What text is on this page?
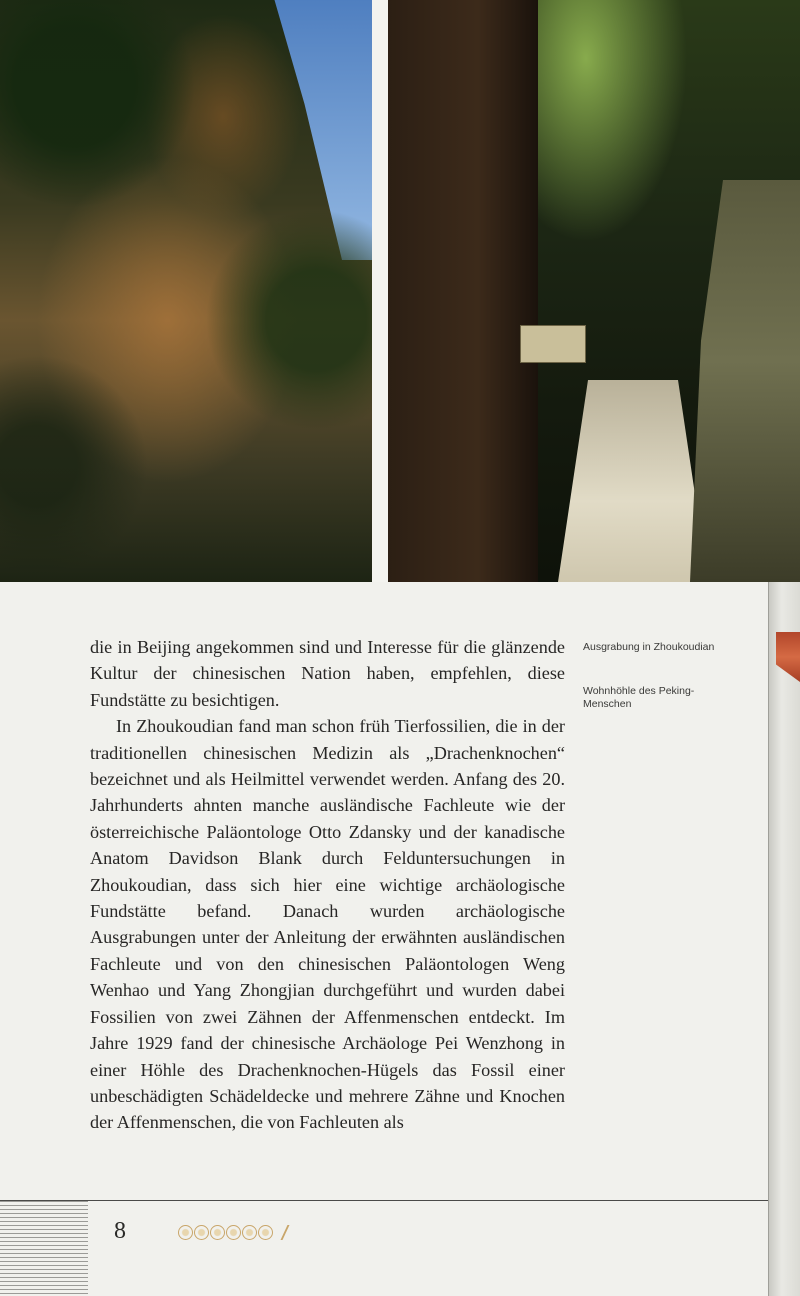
die in Beijing angekommen sind und Interesse für die glänzende Kultur der chinesischen Nation haben, empfehlen, diese Fundstätte zu besichtigen.

In Zhoukoudian fand man schon früh Tierfossilien, die in der traditionellen chinesischen Medizin als „Drachenknochen“ bezeichnet und als Heilmittel verwendet werden. Anfang des 20. Jahrhunderts ahnten manche ausländische Fachleute wie der österreichische Paläontologe Otto Zdansky und der kanadische Anatom Davidson Blank durch Felduntersuchungen in Zhoukoudian, dass sich hier eine wichtige archäologische Fundstätte befand. Danach wurden archäologische Ausgrabungen unter der Anleitung der erwähnten ausländischen Fachleute und von den chinesischen Paläontologen Weng Wenhao und Yang Zhongjian durchgeführt und wurden dabei Fossilien von zwei Zähnen der Affenmenschen entdeckt. Im Jahre 1929 fand der chinesische Archäologe Pei Wenzhong in einer Höhle des Drachenknochen-Hügels das Fossil einer unbeschädigten Schädeldecke und mehrere Zähne und Knochen der Affenmenschen, die von Fachleuten als

Ausgrabung in Zhoukoudian
Wohnhöhle des Peking-Menschen
8
